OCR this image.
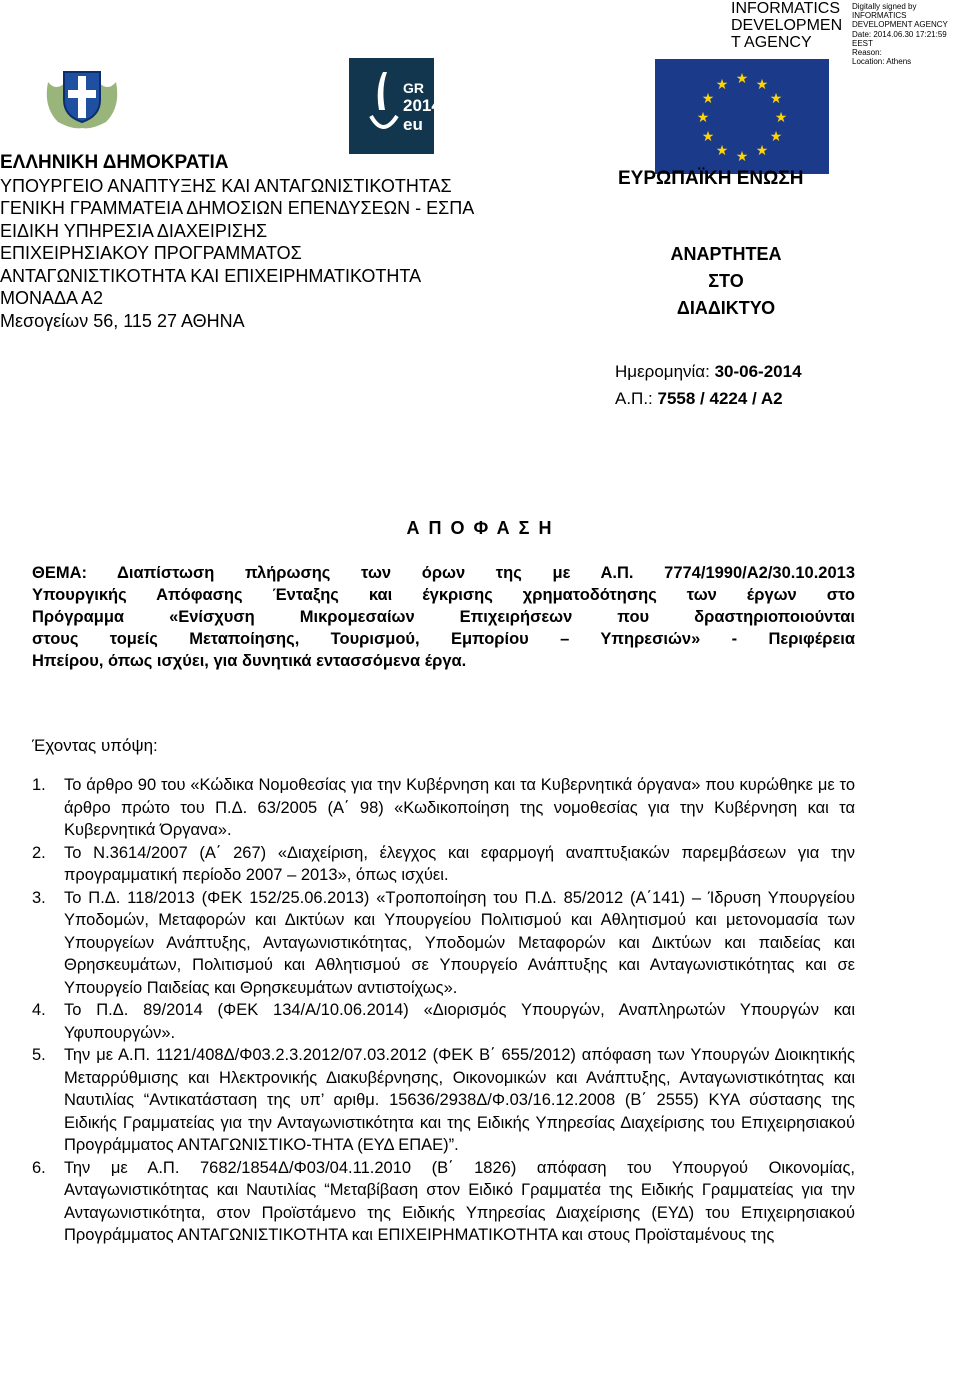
INFORMATICS
DEVELOPMEN
T AGENCY
Digitally signed by
INFORMATICS
DEVELOPMENT AGENCY
Date: 2014.06.30 17:21:59
EEST
Reason:
Location: Athens
GR
2014
eu
★ ★
★
★
★
★
★
★
★
★
★
★
ΕΛΛΗΝΙΚΗ ΔΗΜΟΚΡΑΤΙΑ
ΥΠΟΥΡΓΕΙΟ ΑΝΑΠΤΥΞΗΣ ΚΑΙ ΑΝΤΑΓΩΝΙΣΤΙΚΟΤΗΤΑΣ
ΓΕΝΙΚΗ ΓΡΑΜΜΑΤΕΙΑ ΔΗΜΟΣΙΩΝ ΕΠΕΝΔΥΣΕΩΝ - ΕΣΠΑ
ΕΙΔΙΚΗ ΥΠΗΡΕΣΙΑ ΔΙΑΧΕΙΡΙΣΗΣ
ΕΠΙΧΕΙΡΗΣΙΑΚΟΥ ΠΡΟΓΡΑΜΜΑΤΟΣ
ΑΝΤΑΓΩΝΙΣΤΙΚΟΤΗΤΑ ΚΑΙ ΕΠΙΧΕΙΡΗΜΑΤΙΚΟΤΗΤΑ
ΜΟΝΑΔΑ Α2
Μεσογείων 56, 115 27 ΑΘΗΝΑ
ΕΥΡΩΠΑΪΚΗ ΕΝΩΣΗ
ΑΝΑΡΤΗΤΕΑ
ΣΤΟ ΔΙΑΔΙΚΤΥΟ
Ημερομηνία: 30-06-2014
Α.Π.: 7558 / 4224 / Α2
Α Π Ο Φ Α Σ Η
ΘΕΜΑ: Διαπίστωση πλήρωσης των όρων της με Α.Π. 7774/1990/Α2/30.10.2013
Υπουργικής Απόφασης Ένταξης και έγκρισης χρηματοδότησης των έργων στο
Πρόγραμμα «Ενίσχυση Μικρομεσαίων Επιχειρήσεων που δραστηριοποιούνται
στους τομείς Μεταποίησης, Τουρισμού, Εμπορίου – Υπηρεσιών» - Περιφέρεια
Ηπείρου, όπως ισχύει, για δυνητικά εντασσόμενα έργα.
Έχοντας υπόψη:
1. Το άρθρο 90 του «Κώδικα Νομοθεσίας για την Κυβέρνηση και τα Κυβερνητικά όργανα» που κυρώθηκε με το άρθρο πρώτο του Π.Δ. 63/2005 (Α΄ 98) «Κωδικοποίηση της νομοθεσίας για την Κυβέρνηση και τα Κυβερνητικά Όργανα».
2. Το Ν.3614/2007 (Α΄ 267) «Διαχείριση, έλεγχος και εφαρμογή αναπτυξιακών παρεμβάσεων για την προγραμματική περίοδο 2007 – 2013», όπως ισχύει.
3. Το Π.Δ. 118/2013 (ΦΕΚ 152/25.06.2013) «Τροποποίηση του Π.Δ. 85/2012 (Α΄141) – Ίδρυση Υπουργείου Υποδομών, Μεταφορών και Δικτύων και Υπουργείου Πολιτισμού και Αθλητισμού και μετονομασία των Υπουργείων Ανάπτυξης, Ανταγωνιστικότητας, Υποδομών Μεταφορών και Δικτύων και παιδείας και Θρησκευμάτων, Πολιτισμού και Αθλητισμού σε Υπουργείο Ανάπτυξης και Ανταγωνιστικότητας και σε Υπουργείο Παιδείας και Θρησκευμάτων αντιστοίχως».
4. Το Π.Δ. 89/2014 (ΦΕΚ 134/Α/10.06.2014) «Διορισμός Υπουργών, Αναπληρωτών Υπουργών και Υφυπουργών».
5. Την με Α.Π. 1121/408Δ/Φ03.2.3.2012/07.03.2012 (ΦΕΚ Β΄ 655/2012) απόφαση των Υπουργών Διοικητικής Μεταρρύθμισης και Ηλεκτρονικής Διακυβέρνησης, Οικονομικών και Ανάπτυξης, Ανταγωνιστικότητας και Ναυτιλίας “Αντικατάσταση της υπ’ αριθμ. 15636/2938Δ/Φ.03/16.12.2008 (Β΄ 2555) ΚΥΑ σύστασης της Ειδικής Γραμματείας για την Ανταγωνιστικότητα και της Ειδικής Υπηρεσίας Διαχείρισης του Επιχειρησιακού Προγράμματος ΑΝΤΑΓΩΝΙΣΤΙΚΟ-ΤΗΤΑ (ΕΥΔ ΕΠΑΕ)”.
6. Την με Α.Π. 7682/1854Δ/Φ03/04.11.2010 (Β΄ 1826) απόφαση του Υπουργού Οικονομίας, Ανταγωνιστικότητας και Ναυτιλίας “Μεταβίβαση στον Ειδικό Γραμματέα της Ειδικής Γραμματείας για την Ανταγωνιστικότητα, στον Προϊστάμενο της Ειδικής Υπηρεσίας Διαχείρισης (ΕΥΔ) του Επιχειρησιακού Προγράμματος ΑΝΤΑΓΩΝΙΣΤΙΚΟΤΗΤΑ και ΕΠΙΧΕΙΡΗΜΑΤΙΚΟΤΗΤΑ και στους Προϊσταμένους της
